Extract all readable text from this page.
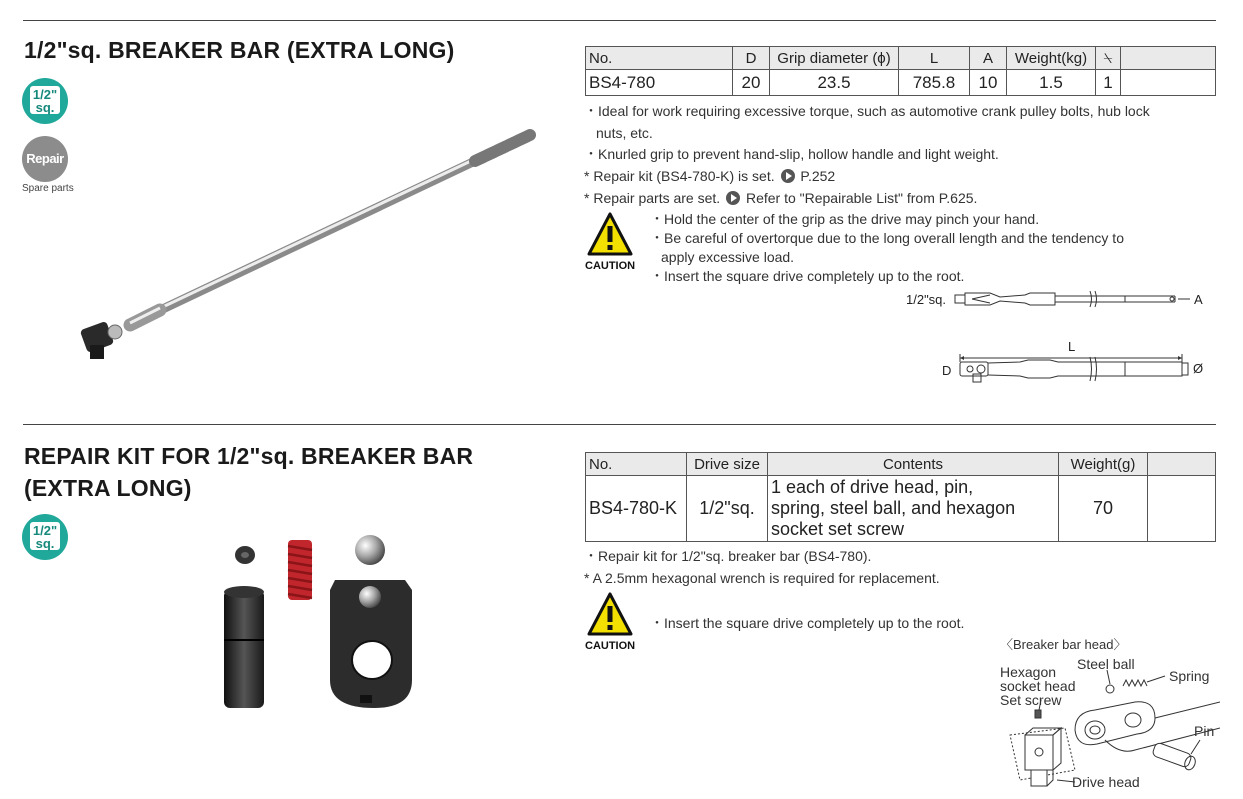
1/2"sq. BREAKER BAR (EXTRA LONG)
1/2"
sq.
Repair
Spare parts
No.	D	Grip diameter (ϕ)	L	A	Weight(kg)	⍀	
BS4-780	20	23.5	785.8	10	1.5	1	
・Ideal for work requiring excessive torque, such as automotive crank pulley bolts, hub lock
nuts, etc.
・Knurled grip to prevent hand-slip, hollow handle and light weight.
* Repair kit (BS4-780-K) is set. P.252
* Repair parts are set. Refer to "Repairable List" from P.625.
CAUTION
・Hold the center of the grip as the drive may pinch your hand.
・Be careful of overtorque due to the long overall length and the tendency to
apply excessive load.
・Insert the square drive completely up to the root.
1/2"sq.	A
L
D	Ø
REPAIR KIT FOR 1/2"sq. BREAKER BAR
(EXTRA LONG)
1/2"
sq.
No.	Drive size	Contents	Weight(g)	
BS4-780-K	1/2"sq.	1 each of drive head, pin,
spring, steel ball, and hexagon
socket set screw	70	
・Repair kit for 1/2"sq. breaker bar (BS4-780).
* A 2.5mm hexagonal wrench is required for replacement.
CAUTION
・Insert the square drive completely up to the root.
〈Breaker bar head〉
Hexagon
socket head
Set screw
Steel ball
Spring
Pin
Drive head
